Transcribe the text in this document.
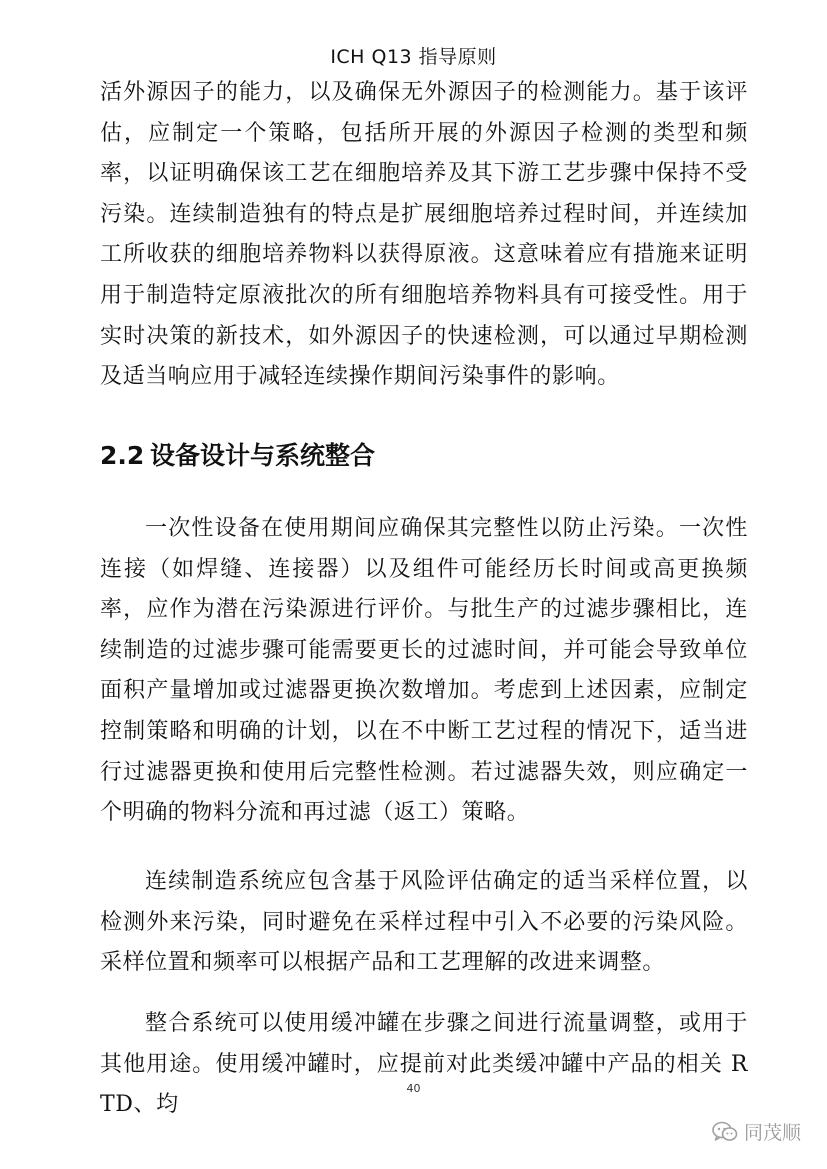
ICH Q13 指导原则

活外源因子的能力，以及确保无外源因子的检测能力。基于该评估，应制定一个策略，包括所开展的外源因子检测的类型和频率，以证明确保该工艺在细胞培养及其下游工艺步骤中保持不受污染。连续制造独有的特点是扩展细胞培养过程时间，并连续加工所收获的细胞培养物料以获得原液。这意味着应有措施来证明用于制造特定原液批次的所有细胞培养物料具有可接受性。用于实时决策的新技术，如外源因子的快速检测，可以通过早期检测及适当响应用于减轻连续操作期间污染事件的影响。

2.2 设备设计与系统整合

一次性设备在使用期间应确保其完整性以防止污染。一次性连接（如焊缝、连接器）以及组件可能经历长时间或高更换频率，应作为潜在污染源进行评价。与批生产的过滤步骤相比，连续制造的过滤步骤可能需要更长的过滤时间，并可能会导致单位面积产量增加或过滤器更换次数增加。考虑到上述因素，应制定控制策略和明确的计划，以在不中断工艺过程的情况下，适当进行过滤器更换和使用后完整性检测。若过滤器失效，则应确定一个明确的物料分流和再过滤（返工）策略。

连续制造系统应包含基于风险评估确定的适当采样位置，以检测外来污染，同时避免在采样过程中引入不必要的污染风险。采样位置和频率可以根据产品和工艺理解的改进来调整。

整合系统可以使用缓冲罐在步骤之间进行流量调整，或用于其他用途。使用缓冲罐时，应提前对此类缓冲罐中产品的相关 RTD、均

40
同茂顺
